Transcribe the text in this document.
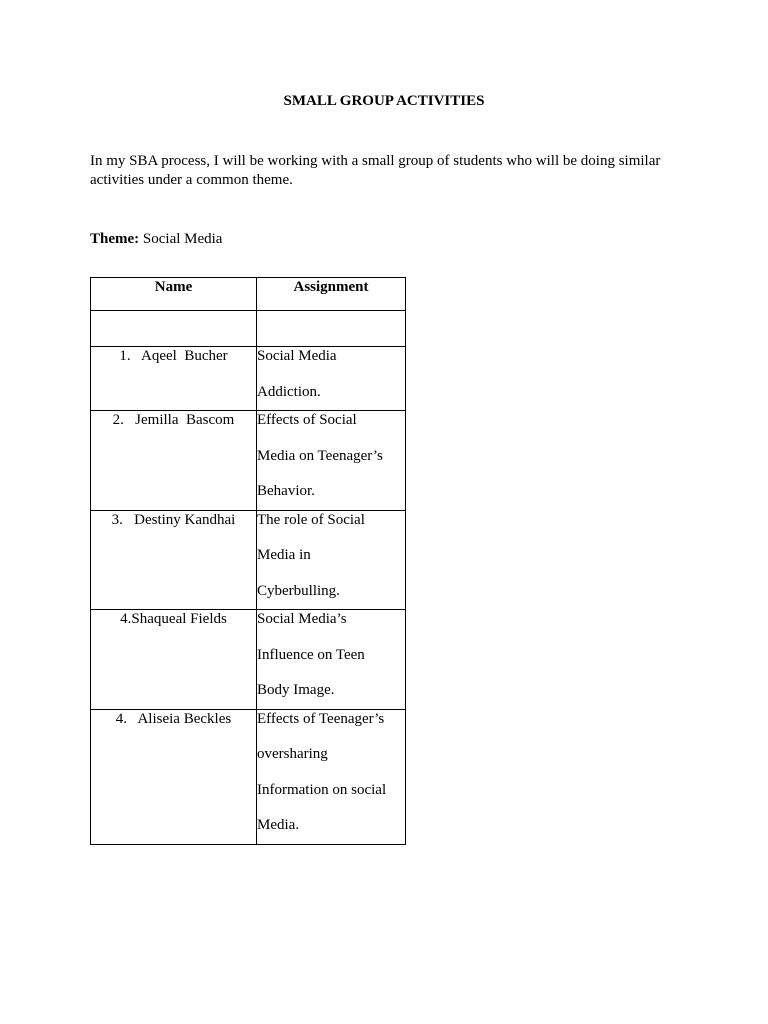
SMALL GROUP ACTIVITIES
In my SBA process, I will be working with a small group of students who will be doing similar activities under a common theme.
Theme: Social Media
Name	Assignment

1.   Aqeel  Bucher	Social Media
Addiction.

2.   Jemilla  Bascom	Effects of Social
Media on Teenager’s
Behavior.

3.   Destiny Kandhai	The role of Social
Media in
Cyberbulling.

4.Shaqueal Fields	Social Media’s
Influence on Teen
Body Image.

4.   Aliseia Beckles	Effects of Teenager’s
oversharing
Information on social
Media.
